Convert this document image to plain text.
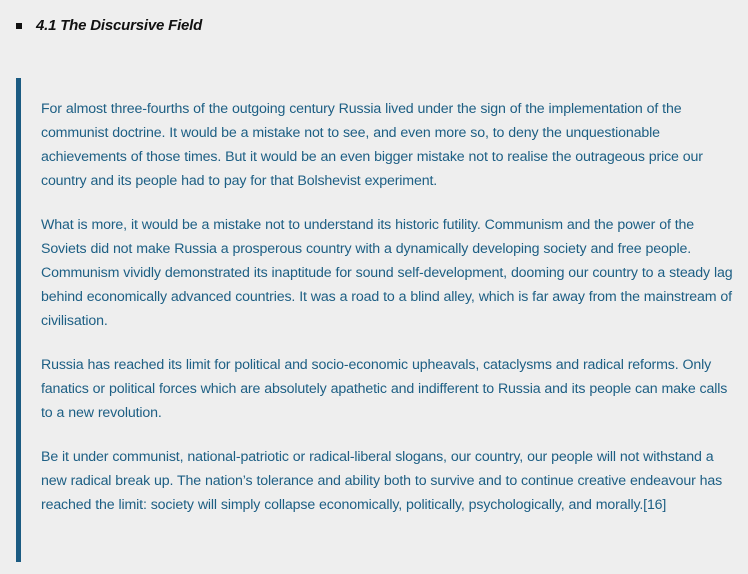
4.1 The Discursive Field

For almost three-fourths of the outgoing century Russia lived under the sign of the implementation of the communist doctrine. It would be a mistake not to see, and even more so, to deny the unquestionable achievements of those times. But it would be an even bigger mistake not to realise the outrageous price our country and its people had to pay for that Bolshevist experiment.

What is more, it would be a mistake not to understand its historic futility. Communism and the power of the Soviets did not make Russia a prosperous country with a dynamically developing society and free people. Communism vividly demonstrated its inaptitude for sound self-development, dooming our country to a steady lag behind economically advanced countries. It was a road to a blind alley, which is far away from the mainstream of civilisation.

Russia has reached its limit for political and socio-economic upheavals, cataclysms and radical reforms. Only fanatics or political forces which are absolutely apathetic and indifferent to Russia and its people can make calls to a new revolution.

Be it under communist, national-patriotic or radical-liberal slogans, our country, our people will not withstand a new radical break up. The nation’s tolerance and ability both to survive and to continue creative endeavour has reached the limit: society will simply collapse economically, politically, psychologically, and morally.[16]
